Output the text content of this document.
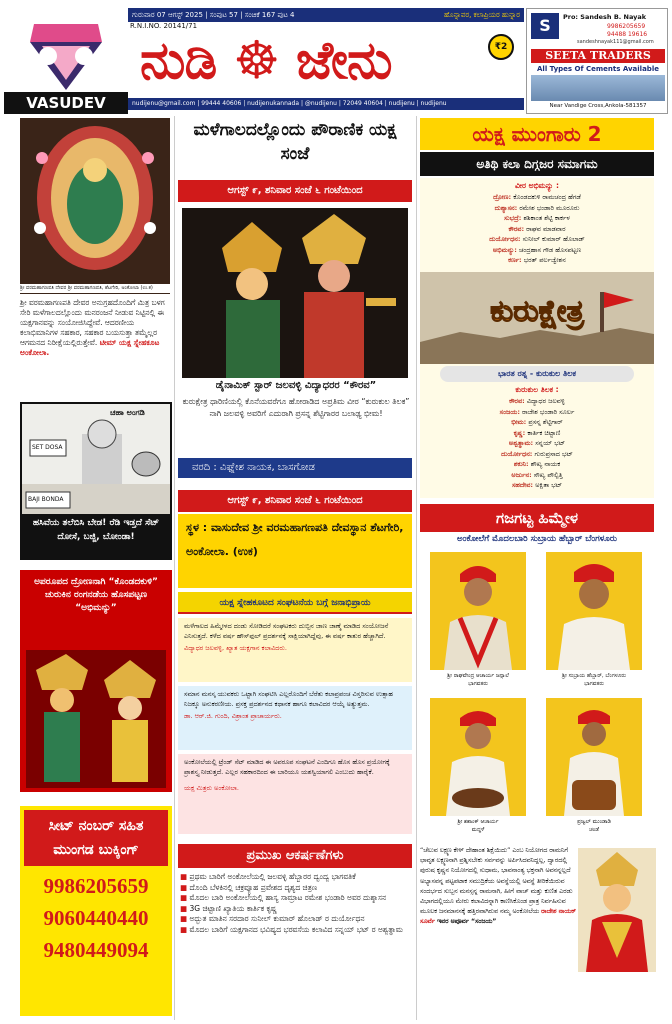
VASUDEV
ಗುರುವಾರ 07 ಆಗಸ್ಟ್ 2025 | ಸಂಪುಟ 57 | ಸಂಚಿಕೆ 167 ಪುಟ 4	ಹೊನ್ನಾವರ, ಕಲಾಪ್ರಿಯರ ಹುನ್ನಾರ
R.N.I.NO. 20141/71
ನುಡಿ ☸ ಜೇನು	₹2
nudijenu@gmail.com | 99444 40606 | nudijenukannada | @nudijenu | 72049 40604 | nudijenu | nudijenu
S	Pro: Sandesh B. Nayak
9986205659
94488 19616
sandeshnayak111@gmail.com
SEETA TRADERS
All Types Of Cements Available
Near Vandige Cross,Ankola-581357
ಶ್ರೀ ವರಮಹಾಗಣಪತಿ ದೇವರ ಶ್ರೀ ವರಮಹಾಗಣಪತಿ, ಶೆಟಗೇರಿ, ಅಂಕೋಲಾ (ಉ.ಕ)
ಶ್ರೀ ವರಮಹಾಗಣಪತಿ ದೇವರ ಅನುಗ್ರಹದೊಂದಿಗೆ ಮಿತ್ರ ಬಳಗ ಸೇರಿ ಮಳೆಗಾಲದಲ್ಲೊಂದು ಮನರಂಜನೆ ನೀಡುವ ನಿಟ್ಟಿನಲ್ಲಿ ಈ ಯಕ್ಷಗಾನವನ್ನು ಸಂಯೋಜಿಸಿದ್ದೇವೆ. ಆದರಣೀಯ ಕಲಾಭಿಮಾನಿಗಳ ಸಹಕಾರ, ಸಹಕಾರ ಬಯಸುತ್ತಾ ತಮ್ಮೆಲ್ಲರ ಆಗಮನದ ನಿರೀಕ್ಷೆಯಲ್ಲಿರುತ್ತೇವೆ. ಟೀಮ್ ಯಕ್ಷ ಸ್ನೇಹಕೂಟ ಅಂಕೋಲಾ.
ಚಹಾ ಅಂಗಡಿ
SET DOSA
BAJI BONDA
ಹಸಿವೆಯ ತಲೆಬಿಸಿ ಬೇಡ! ರೆಡಿ ಇಡ್ತದೆ ಸೆಟ್ ದೋಸೆ, ಬಜ್ಜಿ, ಬೋಂಡಾ!
ಅಪರೂಪದ ದ್ರೋಣನಾಗಿ “ಕೊಂಡದಕುಳಿ” ಚುರುಕಿನ ರಂಗನಡೆಯ ಹೊಸಪಟ್ಟಣ “ಅಭಿಮನ್ಯು”
ಸೀಟ್ ನಂಬರ್ ಸಹಿತ ಮುಂಗಡ ಬುಕ್ಕಿಂಗ್
9986205659
9060440440
9480449094
ಮಳೆಗಾಲದಲ್ಲೊಂದು ಪೌರಾಣಿಕ ಯಕ್ಷ ಸಂಜೆ
ಆಗಸ್ಟ್ ೯, ಶನಿವಾರ ಸಂಜೆ ೬ ಗಂಟೆಯಿಂದ
ಡೈನಾಮಿಕ್ ಸ್ಟಾರ್ ಜಲವಳ್ಳಿ ವಿದ್ಯಾಧರರ “ಕೌರವ”
ಕುರುಕ್ಷೇತ್ರ ಧಾರಿಣಿಯಲ್ಲಿ ಕೊನೆಯವರೆಗೂ ಹೋರಾಡಿದ ಅಪ್ರತಿಮ ವೀರ “ಕುರುಕುಲ ತಿಲಕ” ನಾಗಿ ಜಲವಳ್ಳಿ ಅವರಿಗೆ ಎದುರಾಗಿ ಪ್ರಸನ್ನ ಶೆಟ್ಟಿಗಾರರ ಬಲಾಢ್ಯ ಭೀಮ!
ವರದಿ : ವಿಘ್ನೇಶ ನಾಯಕ, ಬಾಸಗೋಡ
ಆಗಸ್ಟ್ ೯, ಶನಿವಾರ ಸಂಜೆ ೬ ಗಂಟೆಯಿಂದ
ಸ್ಥಳ : ವಾಸುದೇವ ಶ್ರೀ ವರಮಹಾಗಣಪತಿ ದೇವಸ್ಥಾನ ಶೆಟಗೇರಿ, ಅಂಕೋಲಾ. (ಉಕ)
ಯಕ್ಷ ಸ್ನೇಹಕೂಟದ ಸಂಘಟನೆಯ ಬಗ್ಗೆ ಜನಾಭಿಪ್ರಾಯ
ಮಳೆಗಾಲದ ಹಿಮ್ಮೇಳದ ದಂಡು ಸೋಡಿದರೆ ಸಂಘಟಕರು ದುಬ್ಬಿನ ಜಾಣ ಜಾಣ್ಮೆ ಮಾಡಿದ ಸಂಯೋಜನೆ ಎನಿಸುತ್ತದೆ. ಕಳೆದ ವರ್ಷ ಹೌಸ್‌ಫುಲ್ ಪ್ರದರ್ಶನಕ್ಕೆ ಸಾಕ್ಷಿಯಾಗಿದ್ದೆವು, ಈ ವರ್ಷ ಕಾತುರ ಹೆಚ್ಚಾಗಿದೆ.
ವಿದ್ಯಾಧರ ಜಲವಳ್ಳಿ, ಖ್ಯಾತ ಯಕ್ಷಗಾನ ಕಲಾವಿದರು.
ಸಮಾನ ಮನಸ್ಕ ಯುವಕರು ಒಟ್ಟಾಗಿ ಸಂಘಟಿಸಿ ಎಲ್ಲರೊಂದಿಗೆ ಬೆರೆತು ಕಲಾಪ್ರಪಂಚ ವಿಸ್ತರಿಸುವ ಉತ್ಸಾಹ ನಿಜಕ್ಕೂ ಅನುಕರಣೀಯ. ಪ್ರಸಕ್ತ ಪ್ರದರ್ಶನದ ಕಥಾನಕ ಹಾಗೂ ಕಲಾವಿದರ ಆಯ್ಕೆ ಅತ್ಯುತ್ತಮ.
ಡಾ. ಆರ್.ಜಿ. ಗುಂದಿ, ವಿಶ್ರಾಂತ ಪ್ರಾಚಾರ್ಯರು.
ಅಂಕೋಲೆಯಲ್ಲಿ ಟ್ರೆಂಡ್ ಸೆಟ್ ಮಾಡಿದ ಈ ಅಪರೂಪ ಸಂಘಟನೆ ಎಂದಿಗೂ ಹೊಸ ಹೊಸ ಪ್ರಯೋಗಕ್ಕೆ ಪ್ರಾಶಸ್ತ್ಯ ನೀಡುತ್ತದೆ. ಎಲ್ಲರ ಸಹಕಾರದಿಂದ ಈ ಬಾರಿಯೂ ಯಶಸ್ವಿಯಾಗಲಿ ಎಂಬುದು ಹಾರೈಕೆ.
ಯಕ್ಷ ಮಿತ್ರರು ಅಂಕೋಲಾ.
ಪ್ರಮುಖ ಆಕರ್ಷಣೆಗಳು
■ ಪ್ರಥಮ ಬಾರಿಗೆ ಅಂಕೋಲೆಯಲ್ಲಿ ಜಲವಳ್ಳಿ ಹೆಬ್ಬಾರರ ದ್ವಂದ್ವ ಭಾಗವತಿಕೆ
■ ದೊಂದಿ ಬೆಳಕಿನಲ್ಲಿ ಚಕ್ರವ್ಯೂಹ ಪ್ರವೇಶದ ದೃಶ್ಯದ ಚಿತ್ರಣ
■ ಮೊದಲ ಬಾರಿ ಅಂಕೋಲೆಯಲ್ಲಿ ಹಾಸ್ಯ ಸಾಮ್ರಾಟ ರಮೇಶ ಭಂಡಾರಿ ಅವರ ದುಶ್ಶಾಸನ
■ 3G ಚಿಟ್ಟಾಣಿ ಖ್ಯಾತಿಯ ಕಾರ್ತಿಕ ಕೃಷ್ಣ
■ ಅದ್ಭುತ ಮಾತಿನ ಸರದಾರ ಸುನೀಲ್ ಕುಮಾರ್ ಹೊಲಾಡ್ ರ ದುರ್ಯೋಧನ
■ ಮೊದಲ ಬಾರಿಗೆ ಯಕ್ಷಗಾನದ ಭವಿಷ್ಯದ ಭರವಸೆಯ ಕಲಾವಿದ ಸನ್ನಯ್ ಭಟ್ ರ ಅಶ್ವತ್ಥಾಮ
ಯಕ್ಷ ಮುಂಗಾರು 2
ಅತಿಥಿ ಕಲಾ ದಿಗ್ಗಜರ ಸಮಾಗಮ
ವೀರ ಅಭಿಮನ್ಯು :
ದ್ರೋಣ: ಕೊಂಡದಕುಳಿ ರಾಮಚಂದ್ರ ಹೆಗಡೆ
ದುಶ್ಯಾಸನ: ರಮೇಶ ಭಂಡಾರಿ ಮೂರೂರು
ಸುಭದ್ರೆ: ಶಶಿಕಾಂತ ಶೆಟ್ಟಿ ಕಾರ್ಕಳ
ಕೌರವ: ರಾಘವ ಮಾಡವಾರ
ದುರ್ಯೋಧನ: ಸುನೀಲ್ ಕುಮಾರ್ ಹೊಲಾಡ್
ಅಭಿಮನ್ಯು: ಚಂದ್ರಹಾಸ ಗೌಡ ಹೊಸಪಟ್ಟಣ
ಕರ್ಣ: ಭರತ್ ಪರ್ಲಜ್ವೇಶನ
ಕುರುಕ್ಷೇತ್ರ
ಭಾರತ ರತ್ನ - ಕುರುಕುಲ ತಿಲಕ
ಕುರುಕುಲ ತಿಲಕ :
ಕೌರವ: ವಿದ್ಯಾಧರ ಜಲವಳ್ಳಿ
ಸಂಜಯ: ರಾಜೇಶ ಭಂಡಾರಿ ಸೂರ್ಲ
ಭೀಮ: ಪ್ರಸನ್ನ ಶೆಟ್ಟಿಗಾರ್
ಕೃಷ್ಣ: ಕಾರ್ತಿಕ ಚಿಟ್ಟಾಣಿ
ಅಶ್ವತ್ಥಾಮ: ಸನ್ನಯ್ ಭಟ್
ದುರ್ಯೋಧನ: ಗುರುಪ್ರಸಾದ ಭಟ್
ಶಕುನಿ: ಶೌಖ್ಯ ನಾಯಕ
ಅರ್ಜುನ: ಸೌಖ್ಯ ಪೌಲ್ಪಿತ್ತಿ
ಸಹದೇವ: ಅಕ್ಷಿತಾ ಭಟ್
ಗಜಗಟ್ಟ ಹಿಮ್ಮೇಳ
ಅಂಕೋಲೆಗೆ ಮೊದಲಬಾರಿ ಸುಬ್ರಾಯ ಹೆಬ್ಬಾರ್ ಬೆಂಗಳೂರು
ಶ್ರೀ ರಾಘವೇಂದ್ರ ಆಚಾರ್ಯ ಜನ್ಸಾಲೆ
ಭಾಗವತರು
ಶ್ರೀ ಸುಬ್ರಾಯ ಹೆಬ್ಬಾರ್, ಬೆಂಗಳೂರು
ಭಾಗವತರು
ಶ್ರೀ ಶಶಾಂಕ್ ಆಚಾರ್ಯ
ಮದ್ದಳೆ
ಪ್ರಜ್ವಲ್ ಮುಂಡಾಡಿ
ಚಂಡೆ
“ಚೆಲುವ ಲಕ್ಷ್ಮಣ ಕೇಳ್ ದೇಹಾಂತ ಶಿಕ್ಷೆಯಿದು” ಎಂಬ ನಿಯೋಗದ ರಾಮನಿಗೆ ಛಾವೃತ ಲಕ್ಷ್ಮಣನಾಗಿ ಪ್ರಶ್ನಿಸಬೇಕು ಸರ್ವವನ್ನು ಅರ್ಪಿಸಿದವನಿದ್ದಲ್ಲ, ದ್ವಾರದಲ್ಲಿ ಪುರುಷ ಕೃಷ್ಣನ ನಿಯೋಗದಲ್ಲಿ ಸುಧಾಮ, ಭಾವನಾಂತ್ಯ ಭಕ್ತನಾಗಿ ಅವನನ್ನಲ್ಲದೆ ಅಭ್ಯಾಸವನ್ನ ಪಟ್ಟಪಟಾಕ ಸಮುದ್ರಿಕೆಯ ಅವಸ್ಥೆಯಲ್ಲಿ ಅವಸ್ಥೆ ತೀರಿಕೆಯಿರುವ ಸಂದರ್ಭದ ಸುಬ್ಬನ ಮನಸ್ಸನ್ನ ರಾಮನಾಗಿ, ಹೀಗೆ ವಾಚ್ ಮತ್ತು ಕುಣಿತ ಎರಡು ವಿಭಾಗದಲ್ಲಿಯೂ ಮೇರು ಕಲಾವಿದನ್ನಾಗಿ ಕಾಣಿಸಿಕೊಂಡ ಪ್ರಾತ್ರ ನಿರ್ವಹಿಸುವ ಮೂಲಕ ಜನಮಾನಸಕ್ಕೆ ಹತ್ತಿರವಾಗಿರುವ ನಮ್ಮ ಅಂಕೋಲೆಯ ರಾಜೇಶ ನಾಯಕ್ ಸೂರ್ವೆ ಇವರ ಅಪೂರ್ವ “ಸಂಜಯ”
